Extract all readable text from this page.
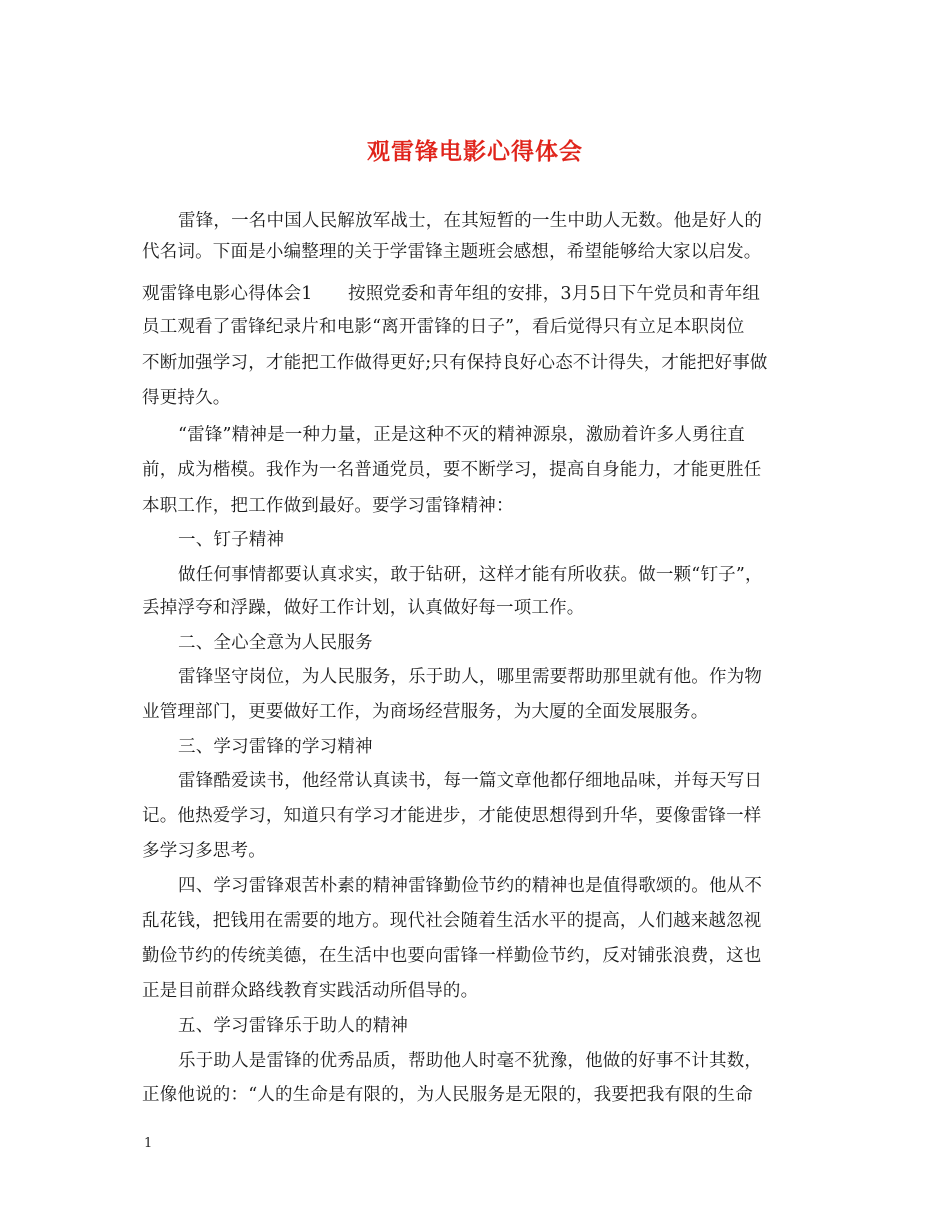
观雷锋电影心得体会
雷锋，一名中国人民解放军战士，在其短暂的一生中助人无数。他是好人的
代名词。下面是小编整理的关于学雷锋主题班会感想，希望能够给大家以启发。
观雷锋电影心得体会1　　按照党委和青年组的安排，3月5日下午党员和青年组
员工观看了雷锋纪录片和电影“离开雷锋的日子”，看后觉得只有立足本职岗位
不断加强学习，才能把工作做得更好;只有保持良好心态不计得失，才能把好事做
得更持久。
“雷锋”精神是一种力量，正是这种不灭的精神源泉，激励着许多人勇往直
前，成为楷模。我作为一名普通党员，要不断学习，提高自身能力，才能更胜任
本职工作，把工作做到最好。要学习雷锋精神：
一、钉子精神
做任何事情都要认真求实，敢于钻研，这样才能有所收获。做一颗“钉子”，
丢掉浮夸和浮躁，做好工作计划，认真做好每一项工作。
二、全心全意为人民服务
雷锋坚守岗位，为人民服务，乐于助人，哪里需要帮助那里就有他。作为物
业管理部门，更要做好工作，为商场经营服务，为大厦的全面发展服务。
三、学习雷锋的学习精神
雷锋酷爱读书，他经常认真读书，每一篇文章他都仔细地品味，并每天写日
记。他热爱学习，知道只有学习才能进步，才能使思想得到升华，要像雷锋一样
多学习多思考。
四、学习雷锋艰苦朴素的精神雷锋勤俭节约的精神也是值得歌颂的。他从不
乱花钱，把钱用在需要的地方。现代社会随着生活水平的提高，人们越来越忽视
勤俭节约的传统美德，在生活中也要向雷锋一样勤俭节约，反对铺张浪费，这也
正是目前群众路线教育实践活动所倡导的。
五、学习雷锋乐于助人的精神
乐于助人是雷锋的优秀品质，帮助他人时毫不犹豫，他做的好事不计其数，
正像他说的：“人的生命是有限的，为人民服务是无限的，我要把我有限的生命
1
